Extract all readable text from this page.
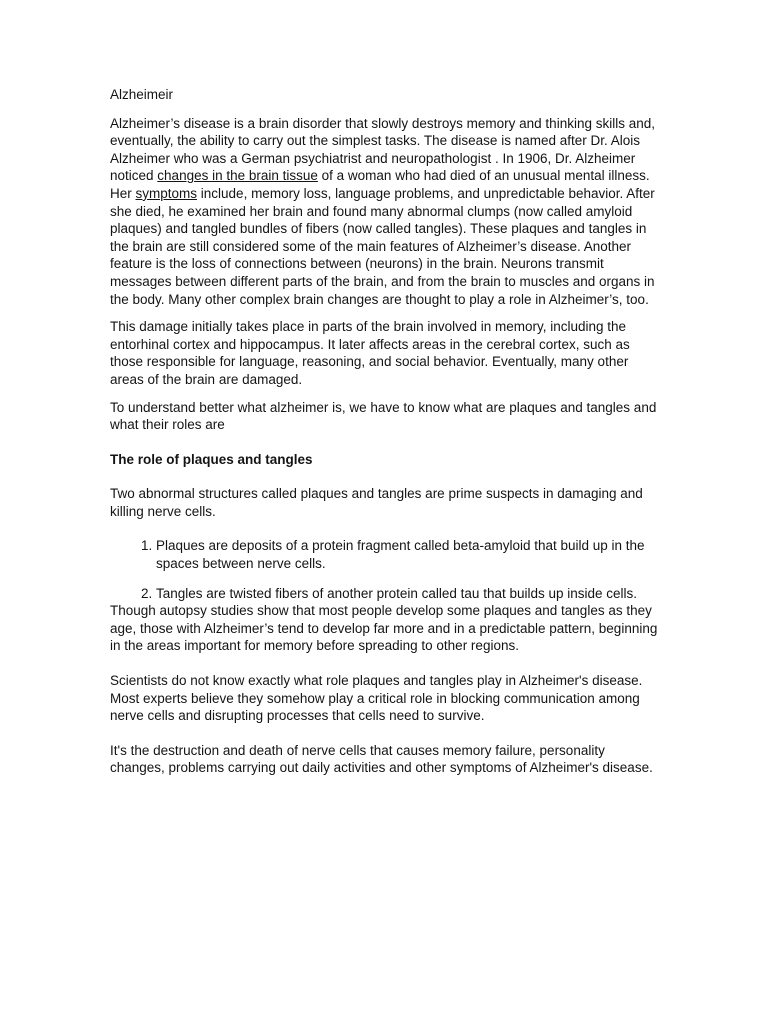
Alzheimeir

Alzheimer’s disease is a brain disorder that slowly destroys memory and thinking skills and, eventually, the ability to carry out the simplest tasks. The disease is named after Dr. Alois Alzheimer who was a German psychiatrist and neuropathologist . In 1906, Dr. Alzheimer noticed changes in the brain tissue of a woman who had died of an unusual mental illness. Her symptoms include, memory loss, language problems, and unpredictable behavior. After she died, he examined her brain and found many abnormal clumps (now called amyloid plaques) and tangled bundles of fibers (now called tangles). These plaques and tangles in the brain are still considered some of the main features of Alzheimer’s disease. Another feature is the loss of connections between (neurons) in the brain. Neurons transmit messages between different parts of the brain, and from the brain to muscles and organs in the body. Many other complex brain changes are thought to play a role in Alzheimer’s, too.

This damage initially takes place in parts of the brain involved in memory, including the entorhinal cortex and hippocampus. It later affects areas in the cerebral cortex, such as those responsible for language, reasoning, and social behavior. Eventually, many other areas of the brain are damaged.

To understand better what alzheimer is, we have to know what are plaques and tangles and what their roles are

The role of plaques and tangles

Two abnormal structures called plaques and tangles are prime suspects in damaging and killing nerve cells.

1. Plaques are deposits of a protein fragment called beta-amyloid that build up in the spaces between nerve cells.
2. Tangles are twisted fibers of another protein called tau that builds up inside cells.

Though autopsy studies show that most people develop some plaques and tangles as they age, those with Alzheimer’s tend to develop far more and in a predictable pattern, beginning in the areas important for memory before spreading to other regions.

Scientists do not know exactly what role plaques and tangles play in Alzheimer's disease. Most experts believe they somehow play a critical role in blocking communication among nerve cells and disrupting processes that cells need to survive.

It's the destruction and death of nerve cells that causes memory failure, personality changes, problems carrying out daily activities and other symptoms of Alzheimer's disease.
